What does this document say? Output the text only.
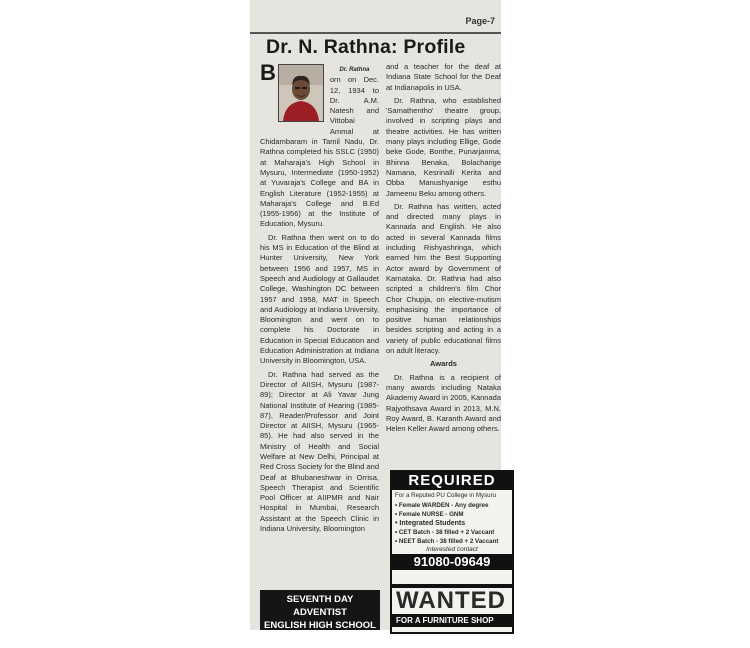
Page-7
Dr. N. Rathna: Profile

B	Dr. Rathna
orn on Dec. 12, 1934 to Dr. A.M. Natesh and Vittobai Ammal at Chidambaram in Tamil Nadu, Dr. Rathna completed his SSLC (1950) at Maharaja's High School in Mysuru, Intermediate (1950-1952) at Yuvaraja's College and BA in English Literature (1952-1955) at Maharaja's College and B.Ed (1955-1956) at the Institute of Education, Mysuru.

Dr. Rathna then went on to do his MS in Education of the Blind at Hunter University, New York between 1956 and 1957, MS in Speech and Audiology at Gallaudet College, Washington DC between 1957 and 1958, MAT in Speech and Audiology at Indiana University, Bloomington and went on to complete his Doctorate in Education in Special Education and Education Administration at Indiana University in Bloomington, USA.

Dr. Rathna had served as the Director of AIISH, Mysuru (1987-89); Director at Ali Yavar Jung National Institute of Hearing (1985-87), Reader/Professor and Joint Director at AIISH, Mysuru (1965-85). He had also served in the Ministry of Health and Social Welfare at New Delhi, Principal at Red Cross Society for the Blind and Deaf at Bhubaneshwar in Orrisa, Speech Therapist and Scientific Pool Officer at AIIPMR and Nair Hospital in Mumbai, Research Assistant at the Speech Clinic in Indiana University, Bloomington

and a teacher for the deaf at Indiana State School for the Deaf at Indianapolis in USA.

Dr. Rathna, who established 'Samathentho' theatre group, involved in scripting plays and theatre activities. He has written many plays including Ellige, Gode beke Gode, Bonthe, Punarjanma, Bhinna Benaka, Bolacharige Namana, Kesrinalli Kerita and Obba Manushyanige esthu Jameenu Beku among others.

Dr. Rathna has written, acted and directed many plays in Kannada and English. He also acted in several Kannada films including Rishyashringa, which earned him the Best Supporting Actor award by Government of Karnataka. Dr. Rathna had also scripted a children's film Chor Chor Chupja, on elective-mutism emphasising the importance of positive human relationships besides scripting and acting in a variety of public educational films on adult literacy.

Awards

Dr. Rathna is a recipient of many awards including Nataka Akademy Award in 2005, Kannada Rajyothsava Award in 2013, M.N. Roy Award, B. Karanth Award and Helen Keller Award among others.

REQUIRED
For a Reputed PU College in Mysuru
• Female WARDEN - Any degree
• Female NURSE - GNM
• Integrated Students
• CET Batch - 38 filled + 2 Vaccant
• NEET Batch - 38 filled + 2 Vaccant
Interested contact
91080-09649
SEVENTH DAY ADVENTIST
ENGLISH HIGH SCHOOL
TEACHER REQUIRED
WANTED
FOR A FURNITURE SHOP
